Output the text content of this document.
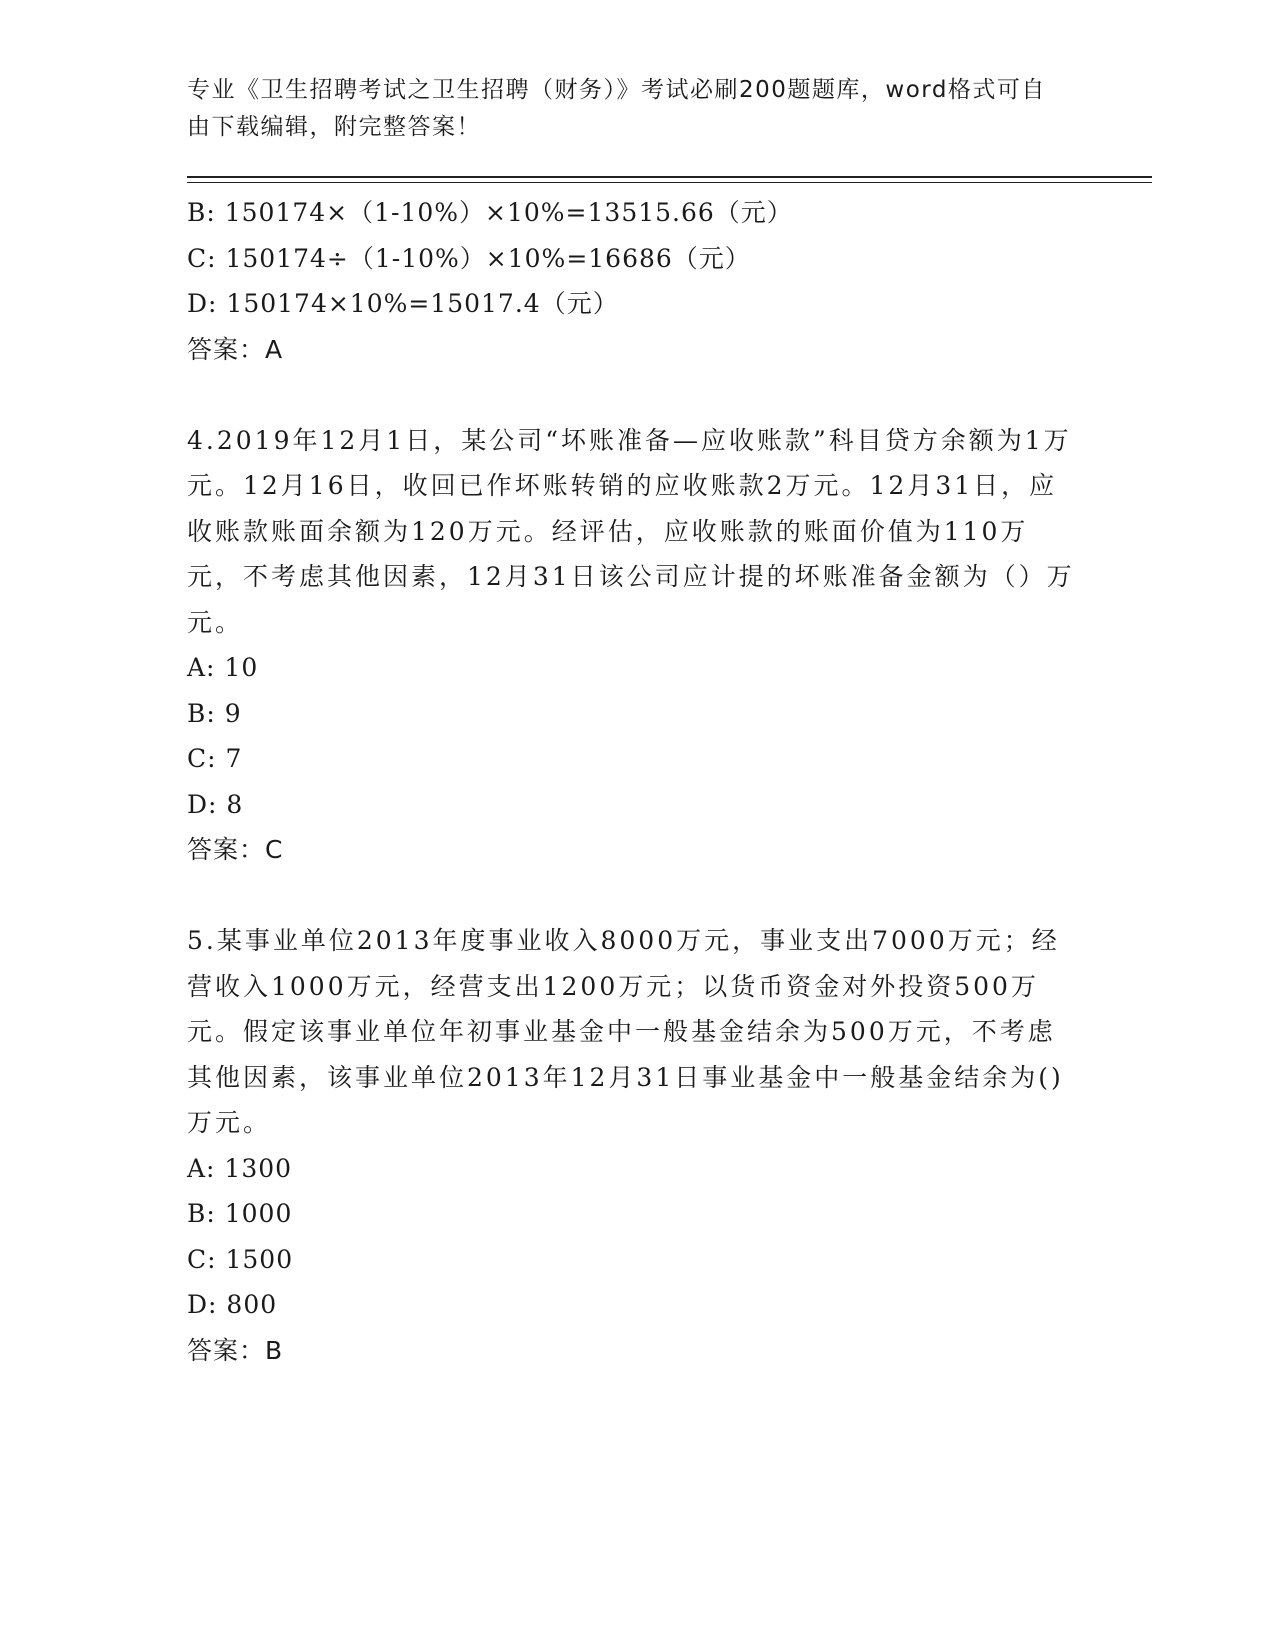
专业《卫生招聘考试之卫生招聘（财务）》考试必刷200题题库，word格式可自由下载编辑，附完整答案！
B: 150174×（1-10%）×10%=13515.66（元）
C: 150174÷（1-10%）×10%=16686（元）
D: 150174×10%=15017.4（元）
答案：A
4.2019年12月1日，某公司“坏账准备—应收账款”科目贷方余额为1万元。12月16日，收回已作坏账转销的应收账款2万元。12月31日，应收账款账面余额为120万元。经评估，应收账款的账面价值为110万元，不考虑其他因素，12月31日该公司应计提的坏账准备金额为（）万元。
A: 10
B: 9
C: 7
D: 8
答案：C
5.某事业单位2013年度事业收入8000万元，事业支出7000万元；经营收入1000万元，经营支出1200万元；以货币资金对外投资500万元。假定该事业单位年初事业基金中一般基金结余为500万元，不考虑其他因素，该事业单位2013年12月31日事业基金中一般基金结余为()万元。
A: 1300
B: 1000
C: 1500
D: 800
答案：B
